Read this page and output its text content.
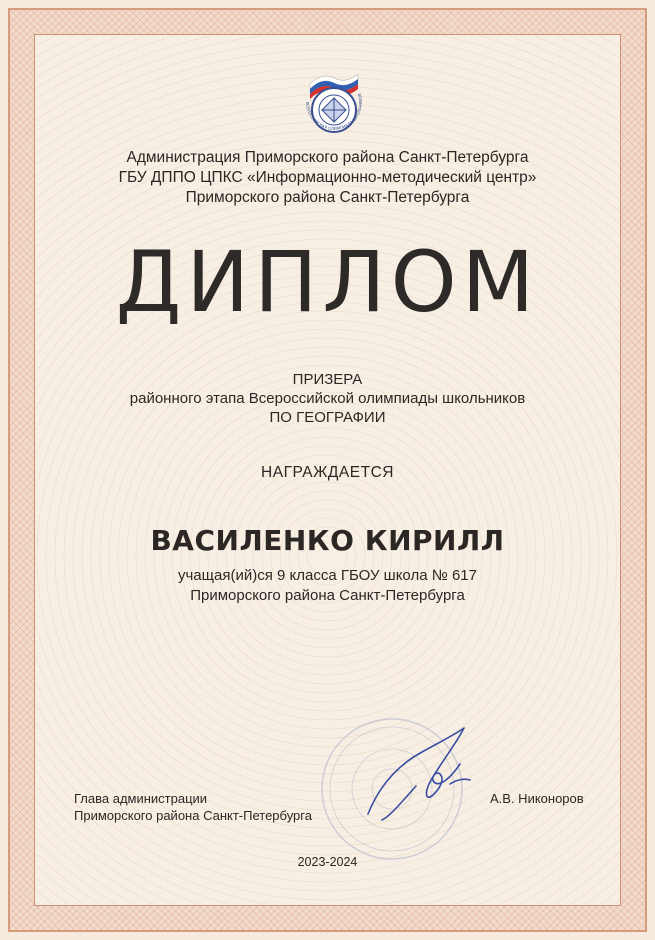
ВСЕРОССИЙСКАЯ ОЛИМПИАДА ШКОЛЬНИКОВ
Администрация Приморского района Санкт-Петербурга
ГБУ ДППО ЦПКС «Информационно-методический центр»
Приморского района Санкт-Петербурга
ДИПЛОМ
ПРИЗЕРА
районного этапа Всероссийской олимпиады школьников
ПО ГЕОГРАФИИ
НАГРАЖДАЕТСЯ
ВАСИЛЕНКО КИРИЛЛ
учащая(ий)ся 9 класса ГБОУ школа № 617
Приморского района Санкт-Петербурга
Глава администрации
Приморского района Санкт-Петербурга
А.В. Никоноров
2023-2024
